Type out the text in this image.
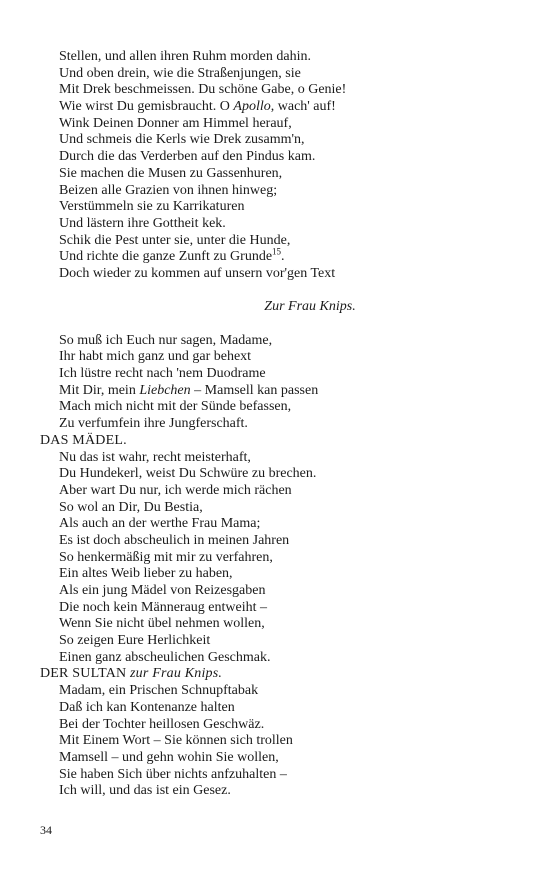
Stellen, und allen ihren Ruhm morden dahin.
Und oben drein, wie die Straßenjungen, sie
Mit Drek beschmeissen. Du schöne Gabe, o Genie!
Wie wirst Du gemisbraucht. O Apollo, wach' auf!
Wink Deinen Donner am Himmel herauf,
Und schmeis die Kerls wie Drek zusamm'n,
Durch die das Verderben auf den Pindus kam.
Sie machen die Musen zu Gassenhuren,
Beizen alle Grazien von ihnen hinweg;
Verstümmeln sie zu Karrikaturen
Und lästern ihre Gottheit kek.
Schik die Pest unter sie, unter die Hunde,
Und richte die ganze Zunft zu Grunde$^{15}$.
Doch wieder zu kommen auf unsern vor'gen Text
Zur Frau Knips.
So muß ich Euch nur sagen, Madame,
Ihr habt mich ganz und gar behext
Ich lüstre recht nach 'nem Duodrame
Mit Dir, mein Liebchen – Mamsell kan passen
Mach mich nicht mit der Sünde befassen,
Zu verfumfein ihre Jungferschaft.
DAS MÄDEL.
Nu das ist wahr, recht meisterhaft,
Du Hundekerl, weist Du Schwüre zu brechen.
Aber wart Du nur, ich werde mich rächen
So wol an Dir, Du Bestia,
Als auch an der werthe Frau Mama;
Es ist doch abscheulich in meinen Jahren
So henkermäßig mit mir zu verfahren,
Ein altes Weib lieber zu haben,
Als ein jung Mädel von Reizesgaben
Die noch kein Männeraug entweiht –
Wenn Sie nicht übel nehmen wollen,
So zeigen Eure Herlichkeit
Einen ganz abscheulichen Geschmak.
DER SULTAN zur Frau Knips.
Madam, ein Prischen Schnupftabak
Daß ich kan Kontenanze halten
Bei der Tochter heillosen Geschwäz.
Mit Einem Wort – Sie können sich trollen
Mamsell – und gehn wohin Sie wollen,
Sie haben Sich über nichts anfzuhalten –
Ich will, und das ist ein Gesez.
34
